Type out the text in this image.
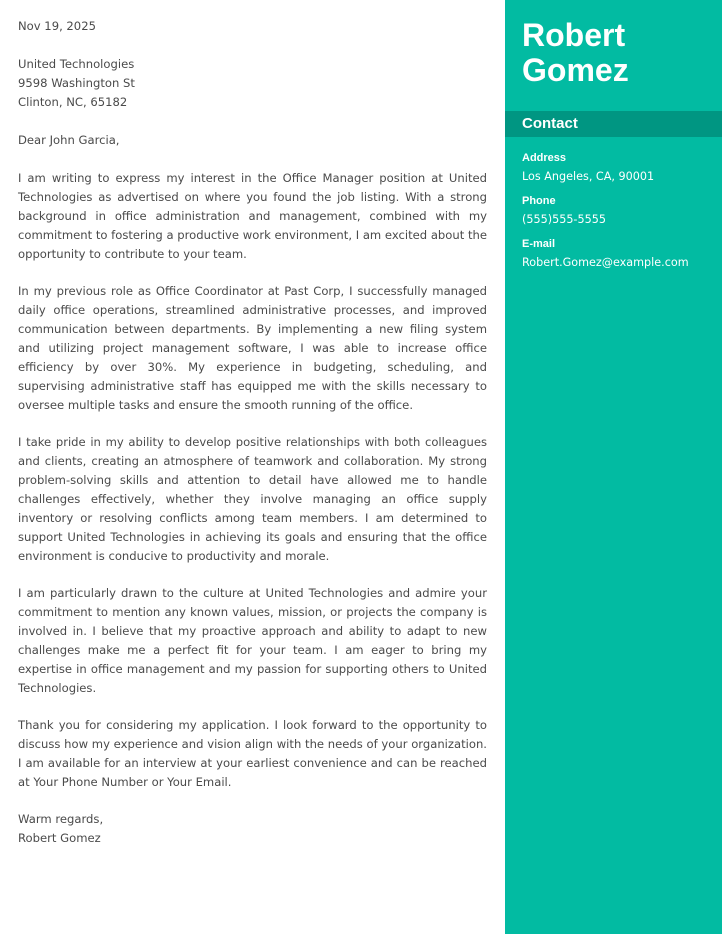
Nov 19, 2025

United Technologies

9598 Washington St

Clinton, NC, 65182

Dear John Garcia,

I am writing to express my interest in the Office Manager position at United Technologies as advertised on where you found the job listing. With a strong background in office administration and management, combined with my commitment to fostering a productive work environment, I am excited about the opportunity to contribute to your team.

In my previous role as Office Coordinator at Past Corp, I successfully managed daily office operations, streamlined administrative processes, and improved communication between departments. By implementing a new filing system and utilizing project management software, I was able to increase office efficiency by over 30%. My experience in budgeting, scheduling, and supervising administrative staff has equipped me with the skills necessary to oversee multiple tasks and ensure the smooth running of the office.

I take pride in my ability to develop positive relationships with both colleagues and clients, creating an atmosphere of teamwork and collaboration. My strong problem-solving skills and attention to detail have allowed me to handle challenges effectively, whether they involve managing an office supply inventory or resolving conflicts among team members. I am determined to support United Technologies in achieving its goals and ensuring that the office environment is conducive to productivity and morale.

I am particularly drawn to the culture at United Technologies and admire your commitment to mention any known values, mission, or projects the company is involved in. I believe that my proactive approach and ability to adapt to new challenges make me a perfect fit for your team. I am eager to bring my expertise in office management and my passion for supporting others to United Technologies.

Thank you for considering my application. I look forward to the opportunity to discuss how my experience and vision align with the needs of your organization. I am available for an interview at your earliest convenience and can be reached at Your Phone Number or Your Email.

Warm regards,

Robert Gomez

Robert
Gomez
Contact

Address

Los Angeles, CA, 90001

Phone

(555)555-5555

E-mail

Robert.Gomez@example.com
